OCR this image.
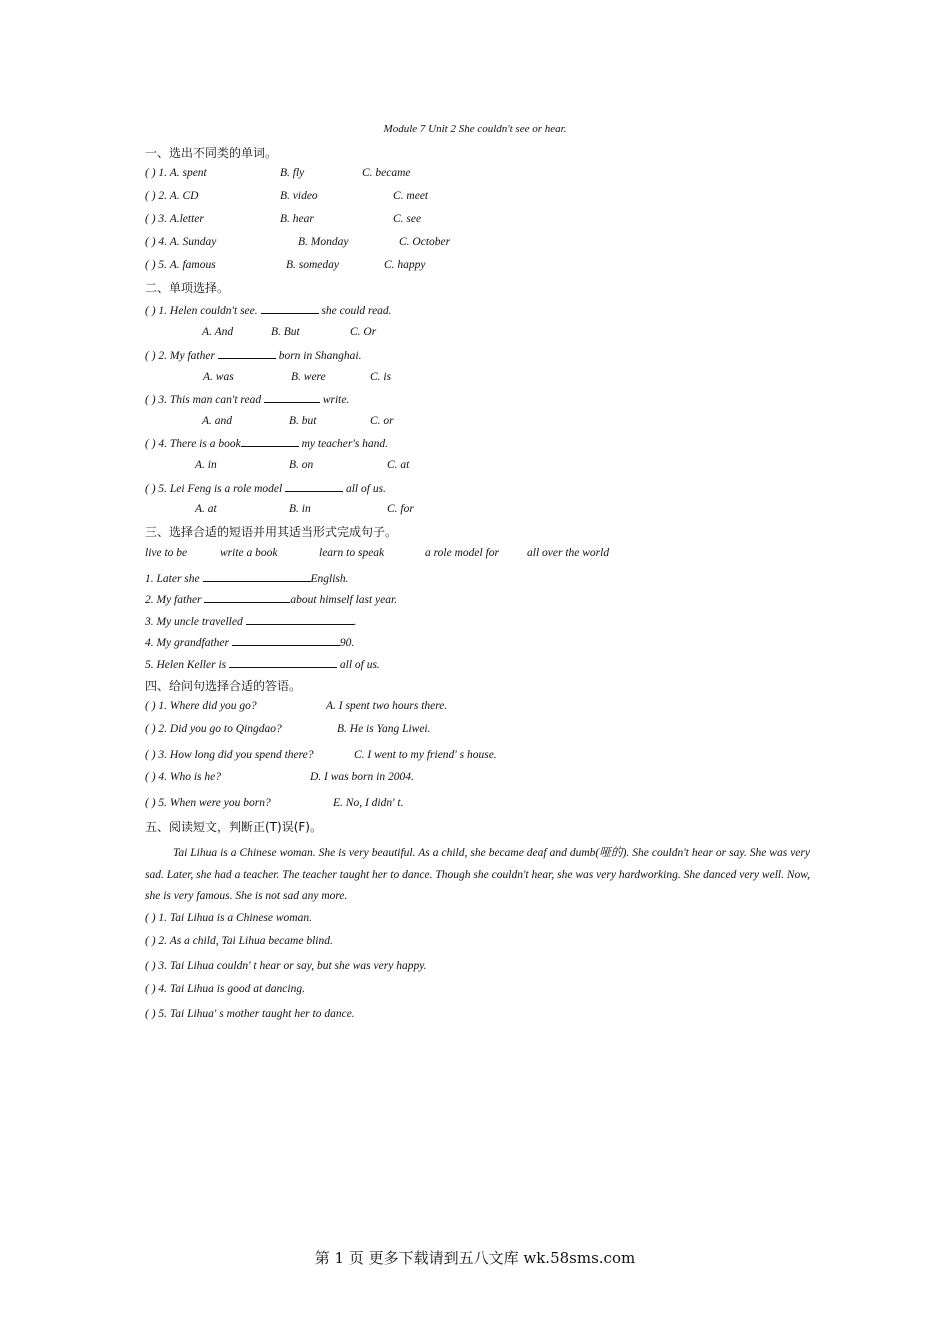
Module 7 Unit 2 She couldn't see or hear.
一、选出不同类的单词。
( ) 1. A. spent	B. fly	C. became
( ) 2. A. CD	B. video	C. meet
( ) 3. A.letter	B. hear	C. see
( ) 4. A. Sunday	B. Monday	C. October
( ) 5. A. famous	B. someday	C. happy
二、单项选择。
( ) 1. Helen couldn't see.	she could read.
A. And	B. But	C. Or
( ) 2. My father	born in Shanghai.
A. was	B. were	C. is
( ) 3. This man can't read	write.
A. and	B. but	C. or
( ) 4. There is a book	my teacher's hand.
A. in	B. on	C. at
( ) 5. Lei Feng is a role model	all of us.
A. at	B. in	C. for
三、选择合适的短语并用其适当形式完成句子。
live to be	write a book	learn to speak	a role model for all over the world
1. Later she	English.
2. My father	about himself last year.
3. My uncle travelled	.
4. My grandfather	90.
5. Helen Keller is	all of us.
四、给问句选择合适的答语。
( ) 1. Where did you go?	A. I spent two hours there.
( ) 2. Did you go to Qingdao?	B. He is Yang Liwei.
( ) 3. How long did you spend there?	C. I went to my friend' s house.
( ) 4. Who is he?	D. I was born in 2004.
( ) 5. When were you born?	E. No, I didn' t.
五、阅读短文，判断正(T)误(F)。
Tai Lihua is a Chinese woman. She is very beautiful. As a child, she became deaf and dumb(哑的). She couldn't hear or say. She was very sad. Later, she had a teacher. The teacher taught her to dance. Though she couldn't hear, she was very hardworking. She danced very well. Now, she is very famous. She is not sad any more.
( ) 1. Tai Lihua is a Chinese woman.
( ) 2. As a child, Tai Lihua became blind.
( ) 3. Tai Lihua couldn' t hear or say, but she was very happy.
( ) 4. Tai Lihua is good at dancing.
( ) 5. Tai Lihua' s mother taught her to dance.
第 1 页 更多下载请到五八文库 wk.58sms.com
